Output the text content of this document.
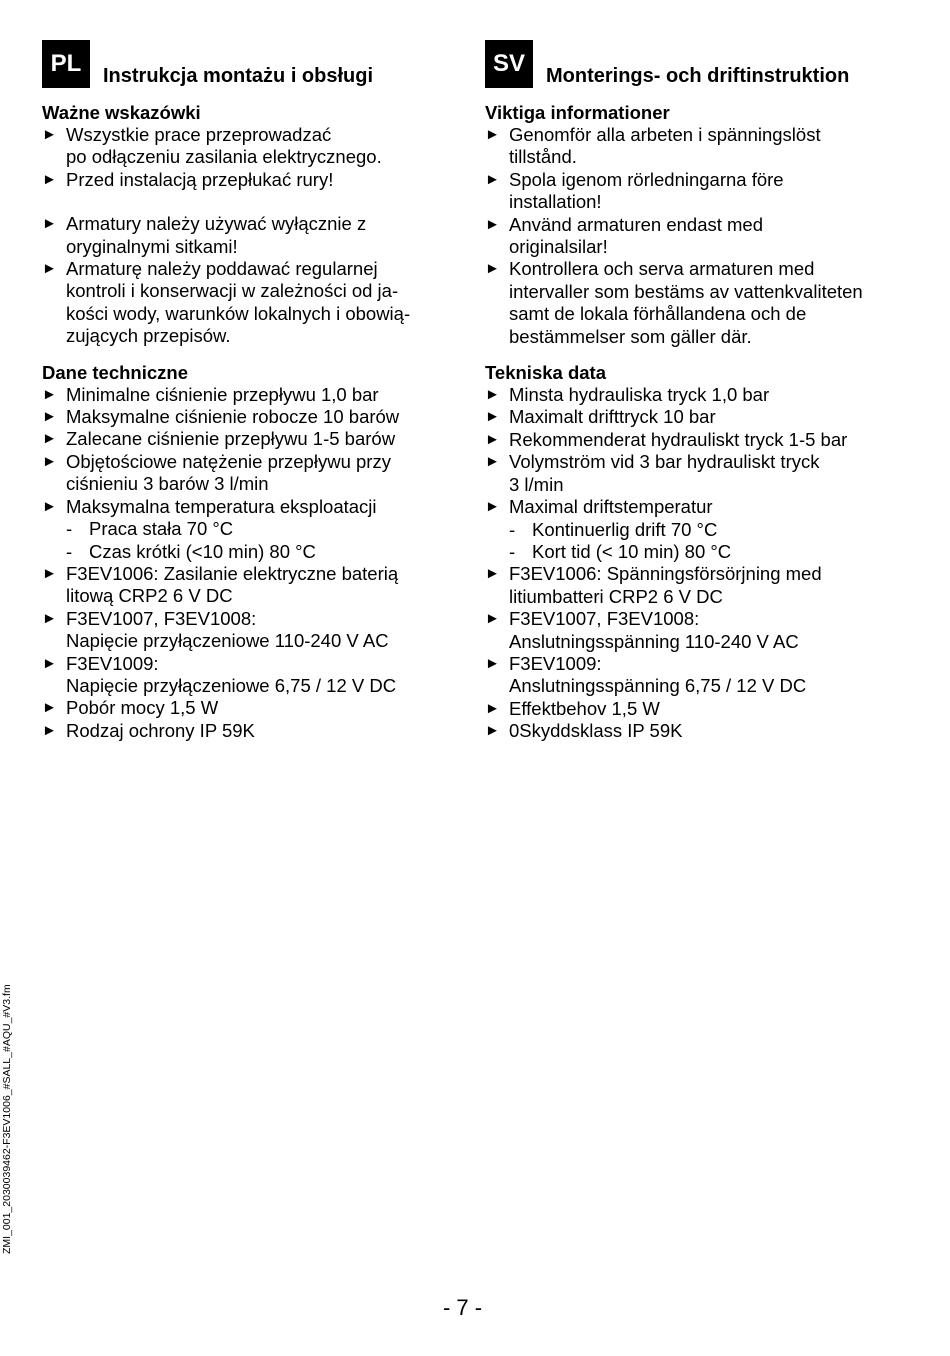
PL	Instrukcja montażu i obsługi
Ważne wskazówki
► Wszystkie prace przeprowadzać
po odłączeniu zasilania elektrycznego.
► Przed instalacją przepłukać rury!
► Armatury należy używać wyłącznie z
oryginalnymi sitkami!
► Armaturę należy poddawać regularnej
kontroli i konserwacji w zależności od ja-
kości wody, warunków lokalnych i obowią-
zujących przepisów.
Dane techniczne
► Minimalne ciśnienie przepływu 1,0 bar
► Maksymalne ciśnienie robocze 10 barów
► Zalecane ciśnienie przepływu 1-5 barów
► Objętościowe natężenie przepływu przy
ciśnieniu 3 barów 3 l/min
► Maksymalna temperatura eksploatacji
- Praca stała 70 °C
- Czas krótki (<10 min) 80 °C
► F3EV1006: Zasilanie elektryczne baterią
litową CRP2 6 V DC
► F3EV1007, F3EV1008:
Napięcie przyłączeniowe 110-240 V AC
► F3EV1009:
Napięcie przyłączeniowe 6,75 / 12 V DC
► Pobór mocy 1,5 W
► Rodzaj ochrony IP 59K
SV	Monterings- och driftinstruktion
Viktiga informationer
► Genomför alla arbeten i spänningslöst
tillstånd.
► Spola igenom rörledningarna före
installation!
► Använd armaturen endast med
originalsilar!
► Kontrollera och serva armaturen med
intervaller som bestäms av vattenkvaliteten
samt de lokala förhållandena och de
bestämmelser som gäller där.
Tekniska data
► Minsta hydrauliska tryck 1,0 bar
► Maximalt drifttryck 10 bar
► Rekommenderat hydrauliskt tryck 1-5 bar
► Volymström vid 3 bar hydrauliskt tryck
3 l/min
► Maximal driftstemperatur
- Kontinuerlig drift 70 °C
- Kort tid (< 10 min) 80 °C
► F3EV1006: Spänningsförsörjning med
litiumbatteri CRP2 6 V DC
► F3EV1007, F3EV1008:
Anslutningsspänning 110-240 V AC
► F3EV1009:
Anslutningsspänning 6,75 / 12 V DC
► Effektbehov 1,5 W
► 0Skyddsklass IP 59K
ZMI_001_2030039462-F3EV1006_#SALL_#AQU_#V3.fm
- 7 -
